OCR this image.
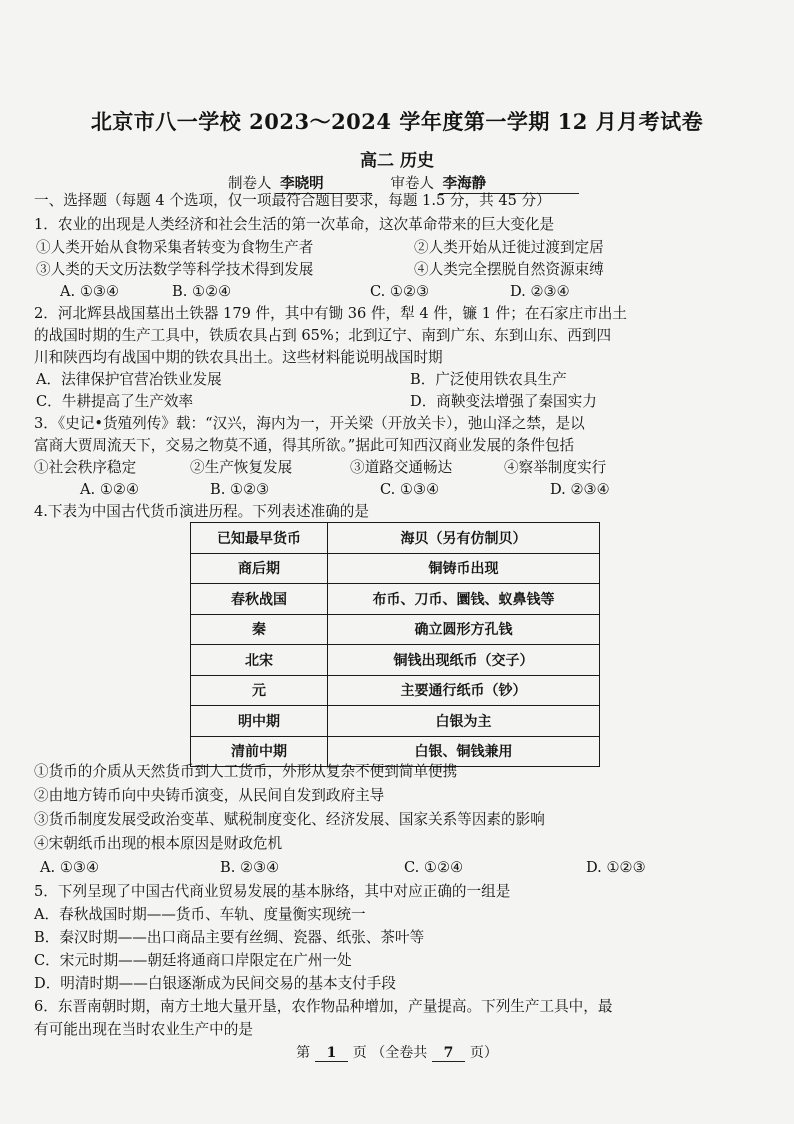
北京市八一学校 2023～2024 学年度第一学期 12 月月考试卷
高二 历史
制卷人 李晓明	审卷人 李海静
一、选择题（每题 4 个选项，仅一项最符合题目要求，每题 1.5 分，共 45 分）
1．农业的出现是人类经济和社会生活的第一次革命，这次革命带来的巨大变化是
①人类开始从食物采集者转变为食物生产者	②人类开始从迁徙过渡到定居
③人类的天文历法数学等科学技术得到发展	④人类完全摆脱自然资源束缚
A. ①③④	B. ①②④	C. ①②③	D. ②③④
2．河北辉县战国墓出土铁器 179 件，其中有锄 36 件，犁 4 件，镰 1 件；在石家庄市出土
的战国时期的生产工具中，铁质农具占到 65%；北到辽宁、南到广东、东到山东、西到四
川和陕西均有战国中期的铁农具出土。这些材料能说明战国时期
A．法律保护官营冶铁业发展	B．广泛使用铁农具生产
C．牛耕提高了生产效率	D．商鞅变法增强了秦国实力
3．《史记•货殖列传》载：“汉兴，海内为一，开关梁（开放关卡），弛山泽之禁，是以
富商大贾周流天下，交易之物莫不通，得其所欲。”据此可知西汉商业发展的条件包括
①社会秩序稳定	②生产恢复发展	③道路交通畅达	④察举制度实行
A. ①②④	B. ①②③	C. ①③④	D. ②③④
4.下表为中国古代货币演进历程。下列表述准确的是
已知最早货币	海贝（另有仿制贝）
商后期	铜铸币出现
春秋战国	布币、刀币、圜钱、蚁鼻钱等
秦	确立圆形方孔钱
北宋	铜钱出现纸币（交子）
元	主要通行纸币（钞）
明中期	白银为主
清前中期	白银、铜钱兼用
①货币的介质从天然货币到人工货币，外形从复杂不便到简单便携
②由地方铸币向中央铸币演变，从民间自发到政府主导
③货币制度发展受政治变革、赋税制度变化、经济发展、国家关系等因素的影响
④宋朝纸币出现的根本原因是财政危机
A. ①③④	B. ②③④	C. ①②④	D. ①②③
5．下列呈现了中国古代商业贸易发展的基本脉络，其中对应正确的一组是
A．春秋战国时期——货币、车轨、度量衡实现统一
B．秦汉时期——出口商品主要有丝绸、瓷器、纸张、茶叶等
C．宋元时期——朝廷将通商口岸限定在广州一处
D．明清时期——白银逐渐成为民间交易的基本支付手段
6．东晋南朝时期，南方土地大量开垦，农作物品种增加，产量提高。下列生产工具中，最
有可能出现在当时农业生产中的是
第 1 页 （全卷共 7 页）
